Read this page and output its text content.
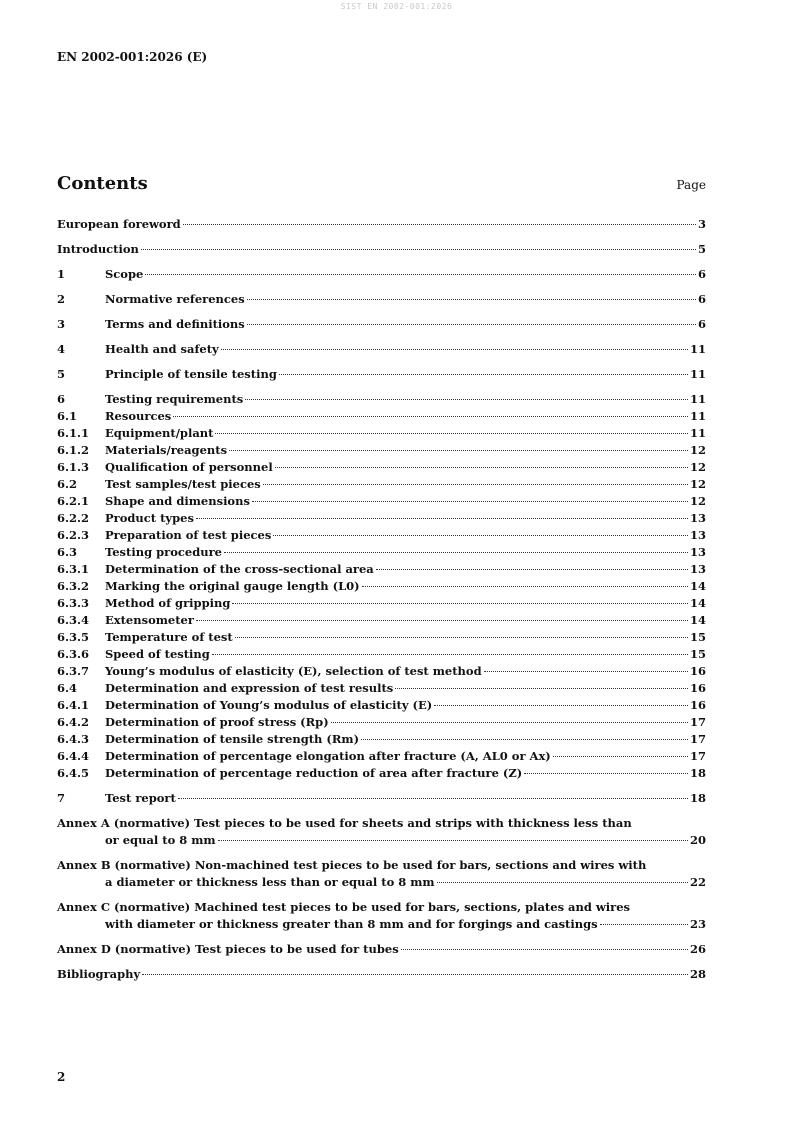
SIST EN 2002-001:2026
EN 2002-001:2026 (E)
Contents	Page
European foreword	3
Introduction	5
1	Scope	6
2	Normative references	6
3	Terms and definitions	6
4	Health and safety	11
5	Principle of tensile testing	11
6	Testing requirements	11
6.1	Resources	11
6.1.1	Equipment/plant	11
6.1.2	Materials/reagents	12
6.1.3	Qualification of personnel	12
6.2	Test samples/test pieces	12
6.2.1	Shape and dimensions	12
6.2.2	Product types	13
6.2.3	Preparation of test pieces	13
6.3	Testing procedure	13
6.3.1	Determination of the cross-sectional area	13
6.3.2	Marking the original gauge length (L0)	14
6.3.3	Method of gripping	14
6.3.4	Extensometer	14
6.3.5	Temperature of test	15
6.3.6	Speed of testing	15
6.3.7	Young’s modulus of elasticity (E), selection of test method	16
6.4	Determination and expression of test results	16
6.4.1	Determination of Young’s modulus of elasticity (E)	16
6.4.2	Determination of proof stress (Rp)	17
6.4.3	Determination of tensile strength (Rm)	17
6.4.4	Determination of percentage elongation after fracture (A, AL0 or Ax)	17
6.4.5	Determination of percentage reduction of area after fracture (Z)	18
7	Test report	18
Annex A (normative) Test pieces to be used for sheets and strips with thickness less than
or equal to 8 mm	20
Annex B (normative) Non-machined test pieces to be used for bars, sections and wires with
a diameter or thickness less than or equal to 8 mm	22
Annex C (normative) Machined test pieces to be used for bars, sections, plates and wires
with diameter or thickness greater than 8 mm and for forgings and castings	23
Annex D (normative) Test pieces to be used for tubes	26
Bibliography	28
2
